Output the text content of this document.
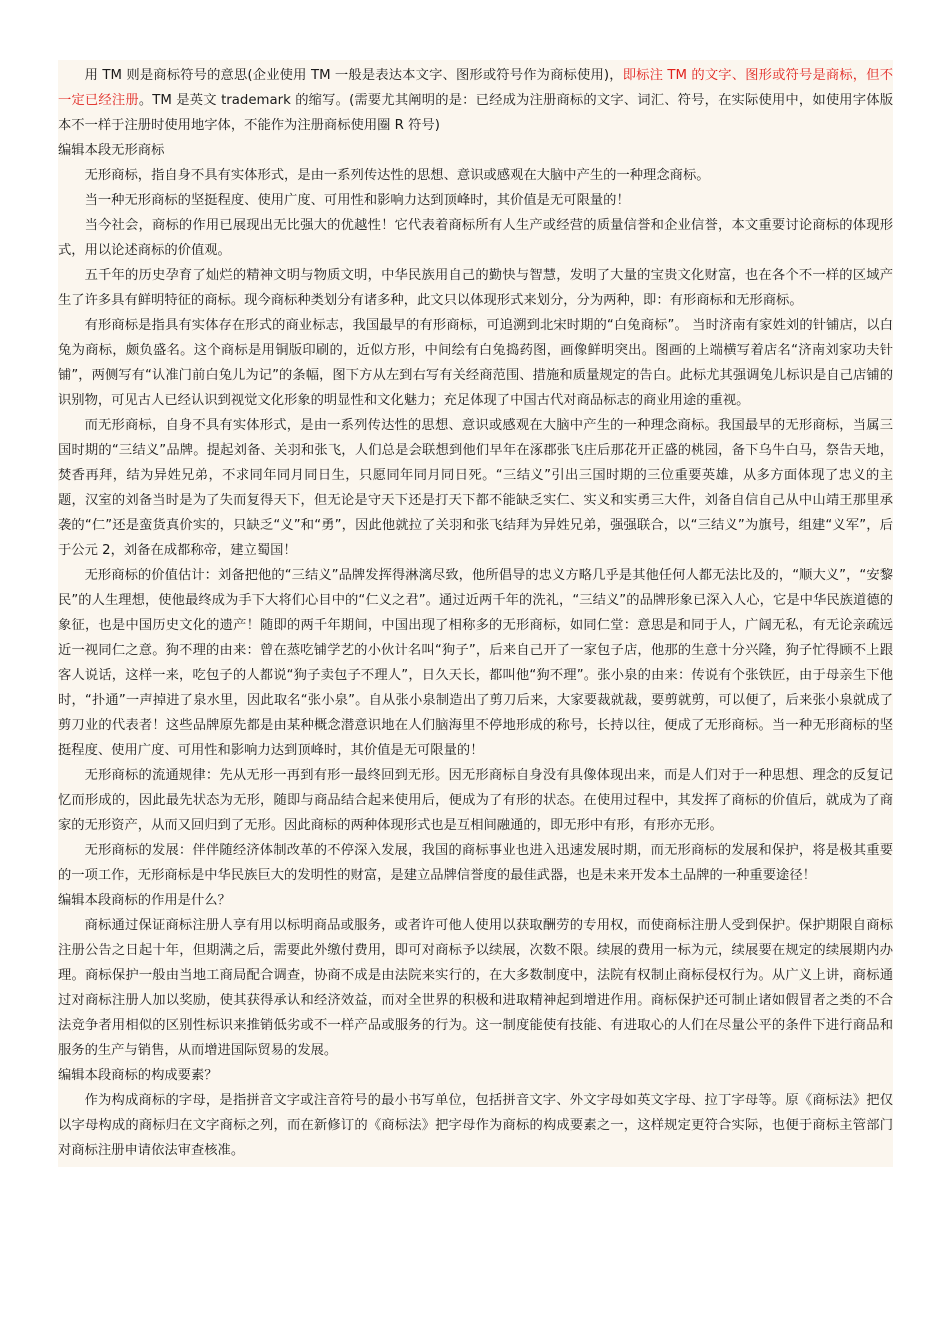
用 TM 则是商标符号的意思(企业使用 TM 一般是表达本文字、图形或符号作为商标使用)，即标注 TM 的文字、图形或符号是商标，但不一定已经注册。TM 是英文 trademark 的缩写。(需要尤其阐明的是：已经成为注册商标的文字、词汇、符号，在实际使用中，如使用字体版本不一样于注册时使用地字体，不能作为注册商标使用圈 R 符号)

编辑本段无形商标

无形商标，指自身不具有实体形式，是由一系列传达性的思想、意识或感观在大脑中产生的一种理念商标。

当一种无形商标的坚挺程度、使用广度、可用性和影响力达到顶峰时，其价值是无可限量的！

当今社会，商标的作用已展现出无比强大的优越性！它代表着商标所有人生产或经营的质量信誉和企业信誉，本文重要讨论商标的体现形式，用以论述商标的价值观。

五千年的历史孕育了灿烂的精神文明与物质文明，中华民族用自己的勤快与智慧，发明了大量的宝贵文化财富，也在各个不一样的区域产生了许多具有鲜明特征的商标。现今商标种类划分有诸多种，此文只以体现形式来划分，分为两种，即：有形商标和无形商标。

有形商标是指具有实体存在形式的商业标志，我国最早的有形商标，可追溯到北宋时期的“白兔商标”。 当时济南有家姓刘的针铺店，以白兔为商标，颇负盛名。这个商标是用铜版印刷的，近似方形，中间绘有白兔捣药图，画像鲜明突出。图画的上端横写着店名“济南刘家功夫针铺”，两侧写有“认准门前白兔儿为记”的条幅，图下方从左到右写有关经商范围、措施和质量规定的告白。此标尤其强调兔儿标识是自己店铺的识别物，可见古人已经认识到视觉文化形象的明显性和文化魅力；充足体现了中国古代对商品标志的商业用途的重视。

而无形商标，自身不具有实体形式，是由一系列传达性的思想、意识或感观在大脑中产生的一种理念商标。我国最早的无形商标，当属三国时期的“三结义”品牌。提起刘备、关羽和张飞，人们总是会联想到他们早年在涿郡张飞庄后那花开正盛的桃园，备下乌牛白马，祭告天地，焚香再拜，结为异姓兄弟，不求同年同月同日生，只愿同年同月同日死。“三结义”引出三国时期的三位重要英雄，从多方面体现了忠义的主题，汉室的刘备当时是为了失而复得天下，但无论是守天下还是打天下都不能缺乏实仁、实义和实勇三大件，刘备自信自己从中山靖王那里承袭的“仁”还是蛮货真价实的，只缺乏“义”和“勇”，因此他就拉了关羽和张飞结拜为异姓兄弟，强强联合，以“三结义”为旗号，组建“义军”，后于公元 2，刘备在成都称帝，建立蜀国！

无形商标的价值估计：刘备把他的“三结义”品牌发挥得淋漓尽致，他所倡导的忠义方略几乎是其他任何人都无法比及的，“顺大义”，“安黎民”的人生理想，使他最终成为手下大将们心目中的“仁义之君”。通过近两千年的洗礼，“三结义”的品牌形象已深入人心，它是中华民族道德的象征，也是中国历史文化的遗产！随即的两千年期间，中国出现了相称多的无形商标，如同仁堂：意思是和同于人，广阔无私，有无论亲疏远近一视同仁之意。狗不理的由来：曾在蒸吃铺学艺的小伙计名叫“狗子”，后来自己开了一家包子店，他那的生意十分兴隆，狗子忙得顾不上跟客人说话，这样一来，吃包子的人都说“狗子卖包子不理人”，日久天长，都叫他“狗不理”。张小泉的由来：传说有个张铁匠，由于母亲生下他时，“扑通”一声掉进了泉水里，因此取名“张小泉”。自从张小泉制造出了剪刀后来，大家要裁就裁，要剪就剪，可以便了，后来张小泉就成了剪刀业的代表者！这些品牌原先都是由某种概念潜意识地在人们脑海里不停地形成的称号，长持以往，便成了无形商标。当一种无形商标的坚挺程度、使用广度、可用性和影响力达到顶峰时，其价值是无可限量的！

无形商标的流通规律：先从无形一再到有形一最终回到无形。因无形商标自身没有具像体现出来，而是人们对于一种思想、理念的反复记忆而形成的，因此最先状态为无形，随即与商品结合起来使用后，便成为了有形的状态。在使用过程中，其发挥了商标的价值后，就成为了商家的无形资产，从而又回归到了无形。因此商标的两种体现形式也是互相间融通的，即无形中有形，有形亦无形。

无形商标的发展：伴伴随经济体制改革的不停深入发展，我国的商标事业也进入迅速发展时期，而无形商标的发展和保护，将是极其重要的一项工作，无形商标是中华民族巨大的发明性的财富，是建立品牌信誉度的最佳武器，也是未来开发本土品牌的一种重要途径！

编辑本段商标的作用是什么？

商标通过保证商标注册人享有用以标明商品或服务，或者许可他人使用以获取酬劳的专用权，而使商标注册人受到保护。保护期限自商标注册公告之日起十年，但期满之后，需要此外缴付费用，即可对商标予以续展，次数不限。续展的费用一标为元，续展要在规定的续展期内办理。商标保护一般由当地工商局配合调查，协商不成是由法院来实行的，在大多数制度中，法院有权制止商标侵权行为。从广义上讲，商标通过对商标注册人加以奖励，使其获得承认和经济效益，而对全世界的积极和进取精神起到增进作用。商标保护还可制止诸如假冒者之类的不合法竞争者用相似的区别性标识来推销低劣或不一样产品或服务的行为。这一制度能使有技能、有进取心的人们在尽量公平的条件下进行商品和服务的生产与销售，从而增进国际贸易的发展。

编辑本段商标的构成要素？

作为构成商标的字母，是指拼音文字或注音符号的最小书写单位，包括拼音文字、外文字母如英文字母、拉丁字母等。原《商标法》把仅以字母构成的商标归在文字商标之列，而在新修订的《商标法》把字母作为商标的构成要素之一，这样规定更符合实际，也便于商标主管部门对商标注册申请依法审查核准。
